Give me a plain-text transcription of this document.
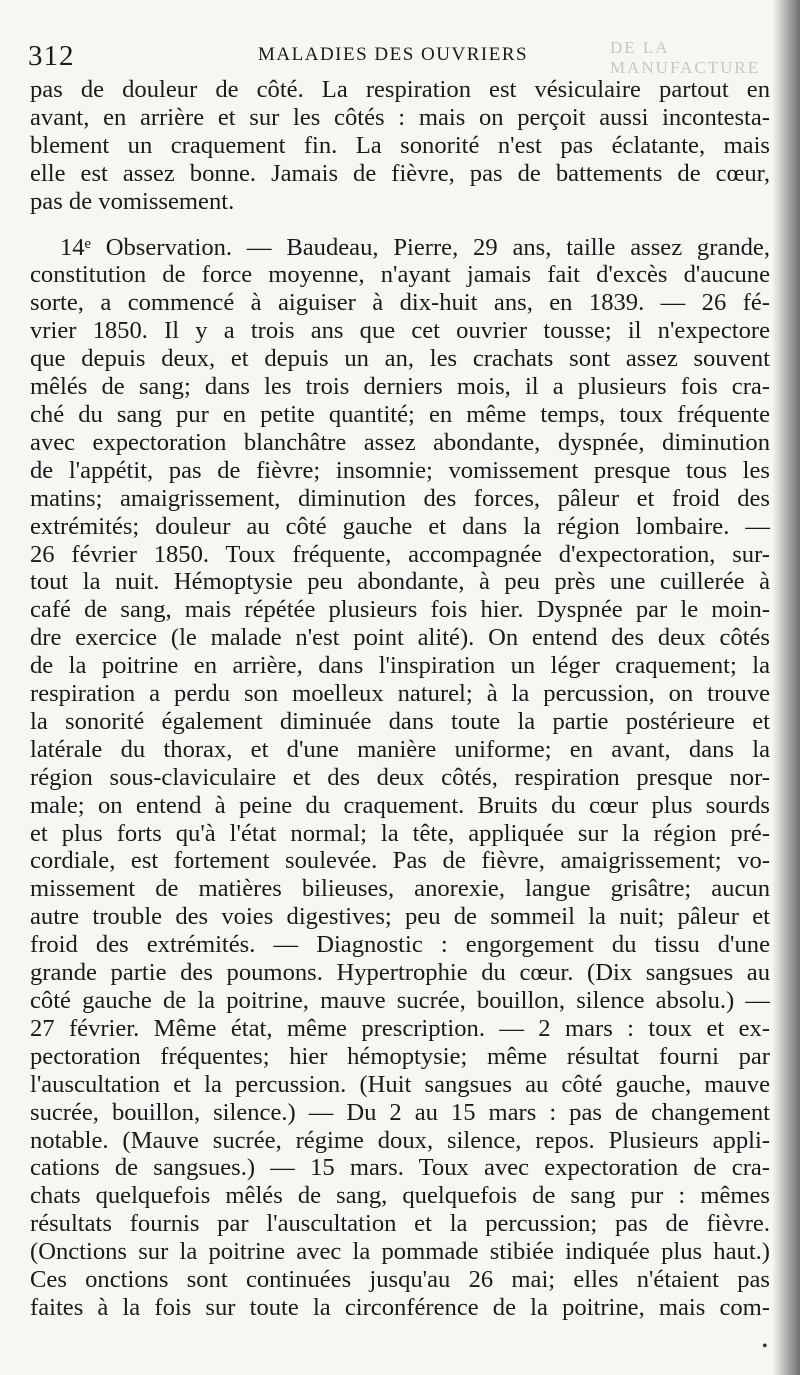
312	MALADIES DES OUVRIERS	DE LA MANUFACTURE
pas de douleur de côté. La respiration est vésiculaire partout en
avant, en arrière et sur les côtés : mais on perçoit aussi incontesta-
blement un craquement fin. La sonorité n'est pas éclatante, mais
elle est assez bonne. Jamais de fièvre, pas de battements de cœur,
pas de vomissement.
14ᵉ Observation. — Baudeau, Pierre, 29 ans, taille assez grande,
constitution de force moyenne, n'ayant jamais fait d'excès d'aucune
sorte, a commencé à aiguiser à dix-huit ans, en 1839. — 26 fé-
vrier 1850. Il y a trois ans que cet ouvrier tousse; il n'expectore
que depuis deux, et depuis un an, les crachats sont assez souvent
mêlés de sang; dans les trois derniers mois, il a plusieurs fois cra-
ché du sang pur en petite quantité; en même temps, toux fréquente
avec expectoration blanchâtre assez abondante, dyspnée, diminution
de l'appétit, pas de fièvre; insomnie; vomissement presque tous les
matins; amaigrissement, diminution des forces, pâleur et froid des
extrémités; douleur au côté gauche et dans la région lombaire. —
26 février 1850. Toux fréquente, accompagnée d'expectoration, sur-
tout la nuit. Hémoptysie peu abondante, à peu près une cuillerée à
café de sang, mais répétée plusieurs fois hier. Dyspnée par le moin-
dre exercice (le malade n'est point alité). On entend des deux côtés
de la poitrine en arrière, dans l'inspiration un léger craquement; la
respiration a perdu son moelleux naturel; à la percussion, on trouve
la sonorité également diminuée dans toute la partie postérieure et
latérale du thorax, et d'une manière uniforme; en avant, dans la
région sous-claviculaire et des deux côtés, respiration presque nor-
male; on entend à peine du craquement. Bruits du cœur plus sourds
et plus forts qu'à l'état normal; la tête, appliquée sur la région pré-
cordiale, est fortement soulevée. Pas de fièvre, amaigrissement; vo-
missement de matières bilieuses, anorexie, langue grisâtre; aucun
autre trouble des voies digestives; peu de sommeil la nuit; pâleur et
froid des extrémités. — Diagnostic : engorgement du tissu d'une
grande partie des poumons. Hypertrophie du cœur. (Dix sangsues au
côté gauche de la poitrine, mauve sucrée, bouillon, silence absolu.) —
27 février. Même état, même prescription. — 2 mars : toux et ex-
pectoration fréquentes; hier hémoptysie; même résultat fourni par
l'auscultation et la percussion. (Huit sangsues au côté gauche, mauve
sucrée, bouillon, silence.) — Du 2 au 15 mars : pas de changement
notable. (Mauve sucrée, régime doux, silence, repos. Plusieurs appli-
cations de sangsues.) — 15 mars. Toux avec expectoration de cra-
chats quelquefois mêlés de sang, quelquefois de sang pur : mêmes
résultats fournis par l'auscultation et la percussion; pas de fièvre.
(Onctions sur la poitrine avec la pommade stibiée indiquée plus haut.)
Ces onctions sont continuées jusqu'au 26 mai; elles n'étaient pas
faites à la fois sur toute la circonférence de la poitrine, mais com-
•
